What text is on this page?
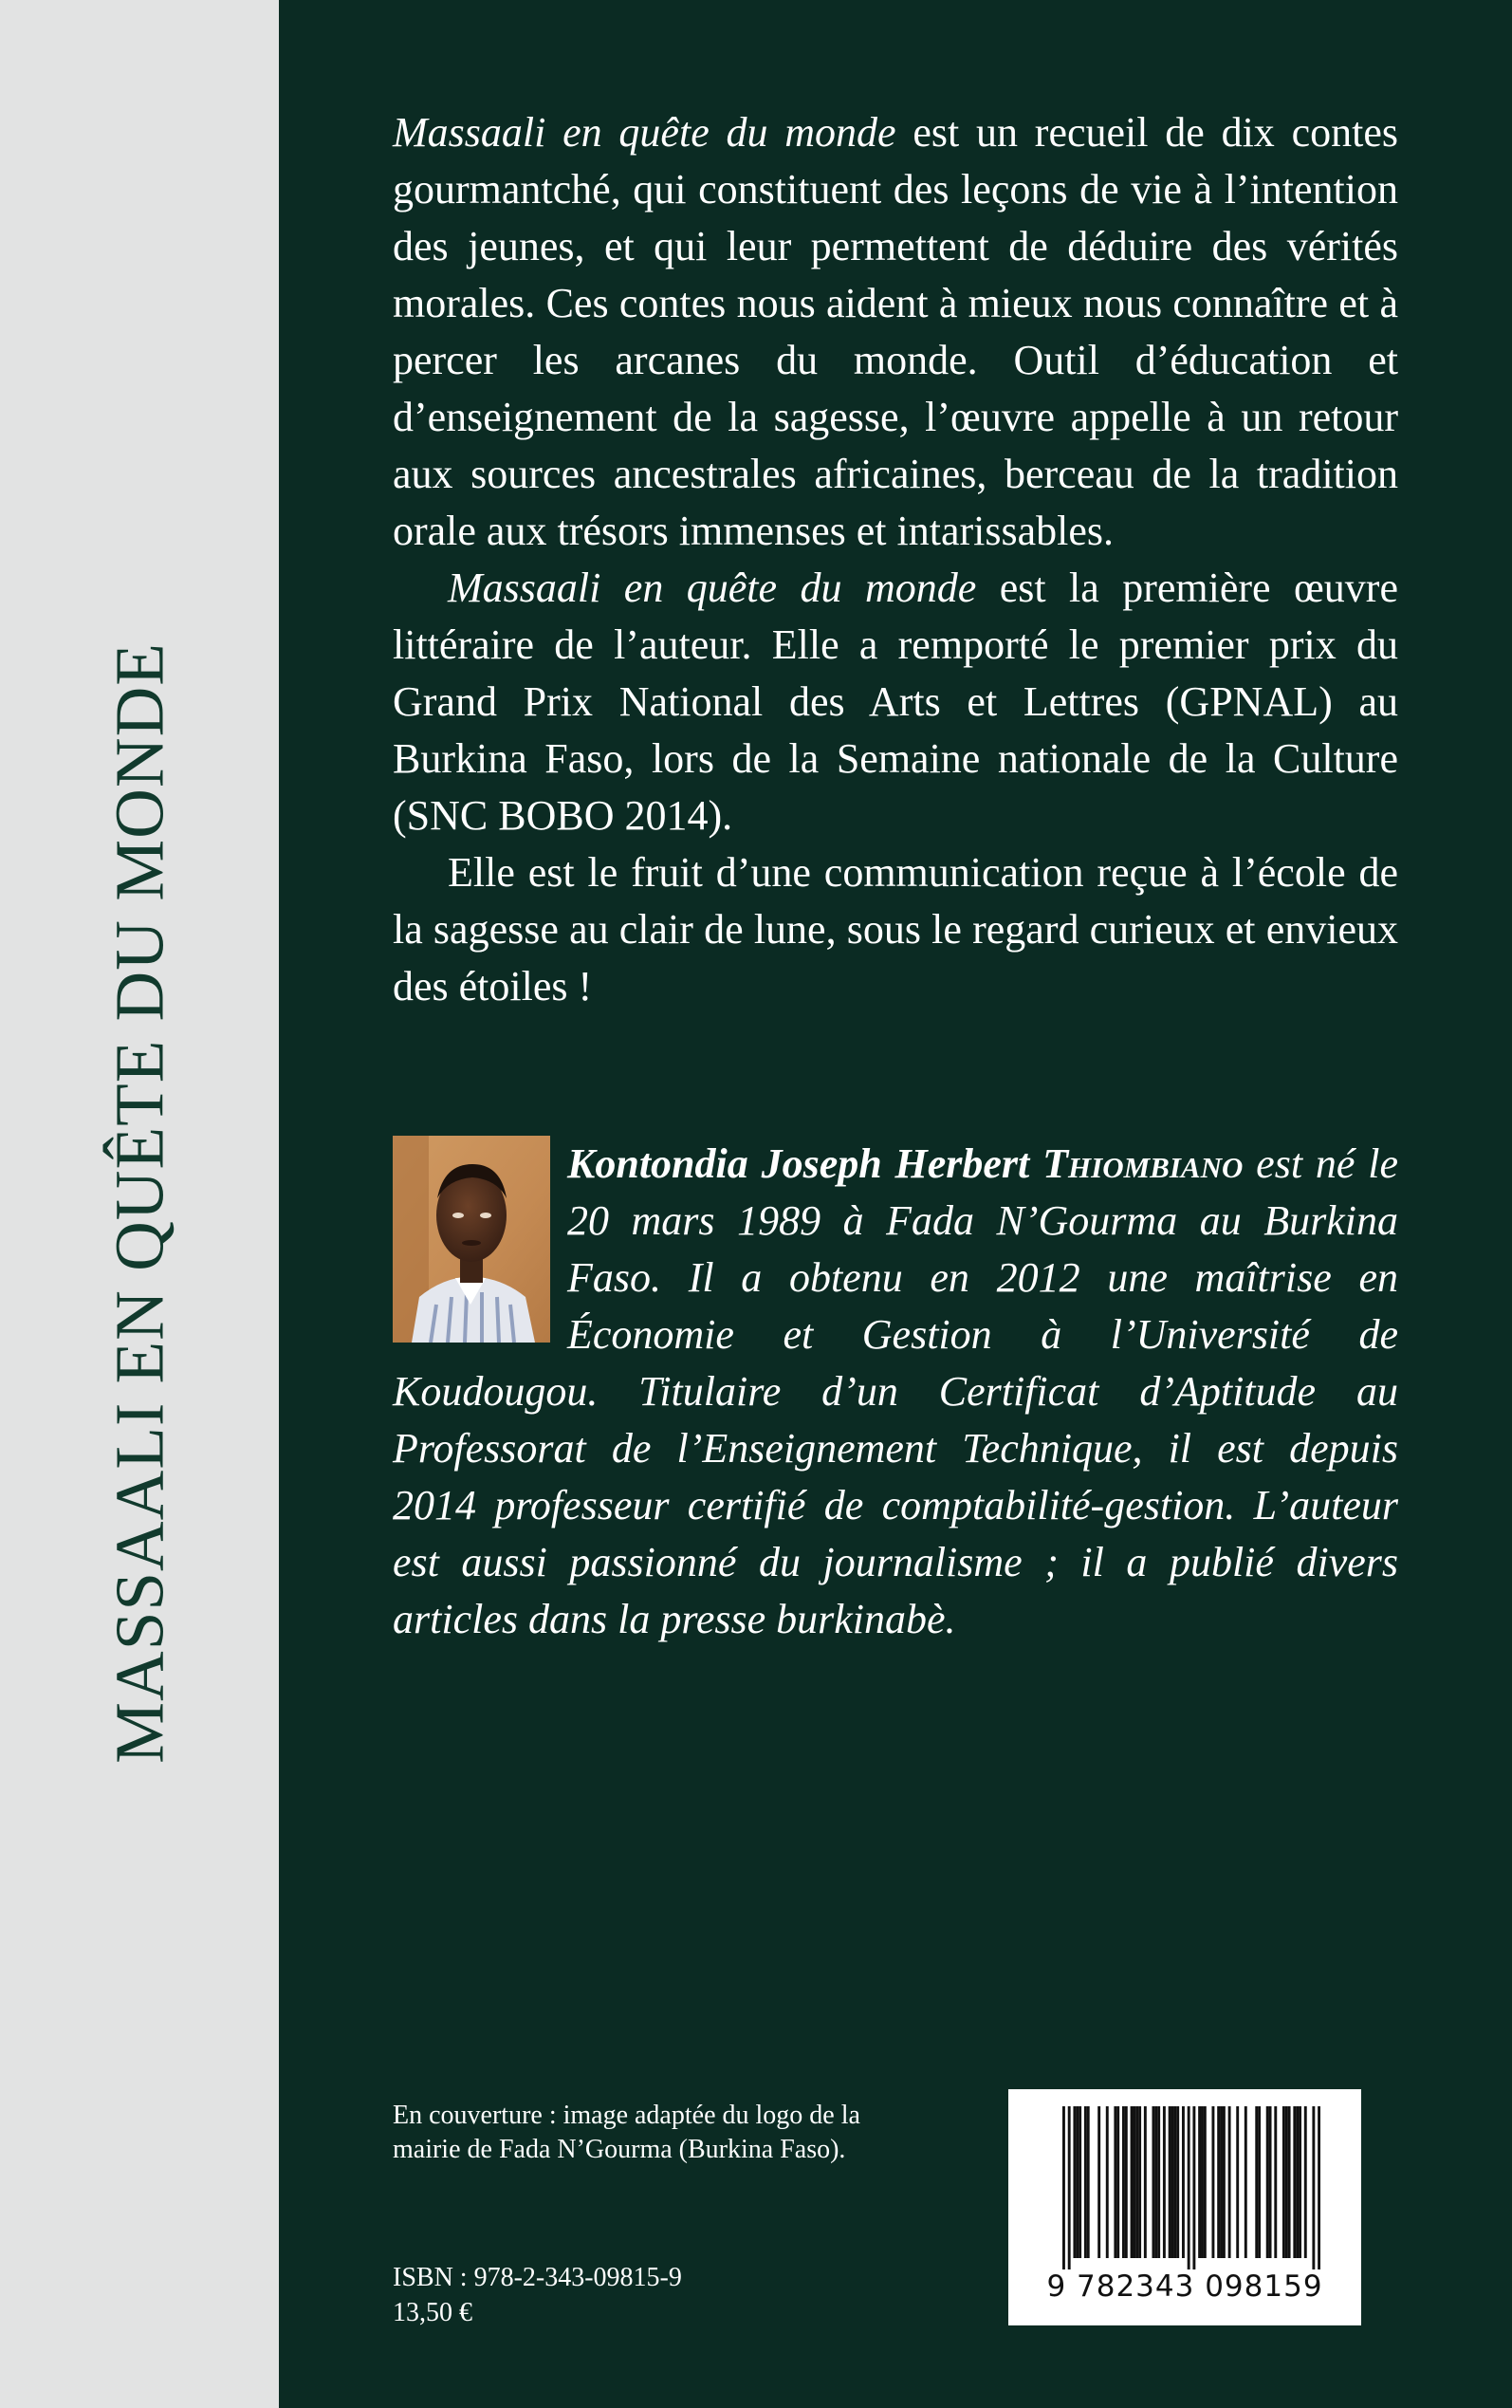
MASSAALI EN QUÊTE DU MONDE

Massaali en quête du monde est un recueil de dix contes gourmantché, qui constituent des leçons de vie à l’intention des jeunes, et qui leur permettent de déduire des vérités morales. Ces contes nous aident à mieux nous connaître et à percer les arcanes du monde. Outil d’éducation et d’enseignement de la sagesse, l’œuvre appelle à un retour aux sources ancestrales africaines, berceau de la tradition orale aux trésors immenses et intarissables.

Massaali en quête du monde est la première œuvre littéraire de l’auteur. Elle a remporté le premier prix du Grand Prix National des Arts et Lettres (GPNAL) au Burkina Faso, lors de la Semaine nationale de la Culture (SNC BOBO 2014).

Elle est le fruit d’une communication reçue à l’école de la sagesse au clair de lune, sous le regard curieux et envieux des étoiles !

Kontondia Joseph Herbert Thiombiano est né le 20 mars 1989 à Fada N’Gourma au Burkina Faso. Il a obtenu en 2012 une maîtrise en Économie et Gestion à l’Université de Koudougou. Titulaire d’un Certificat d’Aptitude au Professorat de l’Enseignement Technique, il est depuis 2014 professeur certifié de comptabilité-gestion. L’auteur est aussi passionné du journalisme ; il a publié divers articles dans la presse burkinabè.

En couverture : image adaptée du logo de la

mairie de Fada N’Gourma (Burkina Faso).

ISBN : 978-2-343-09815-9

13,50 €

9 782343 098159
